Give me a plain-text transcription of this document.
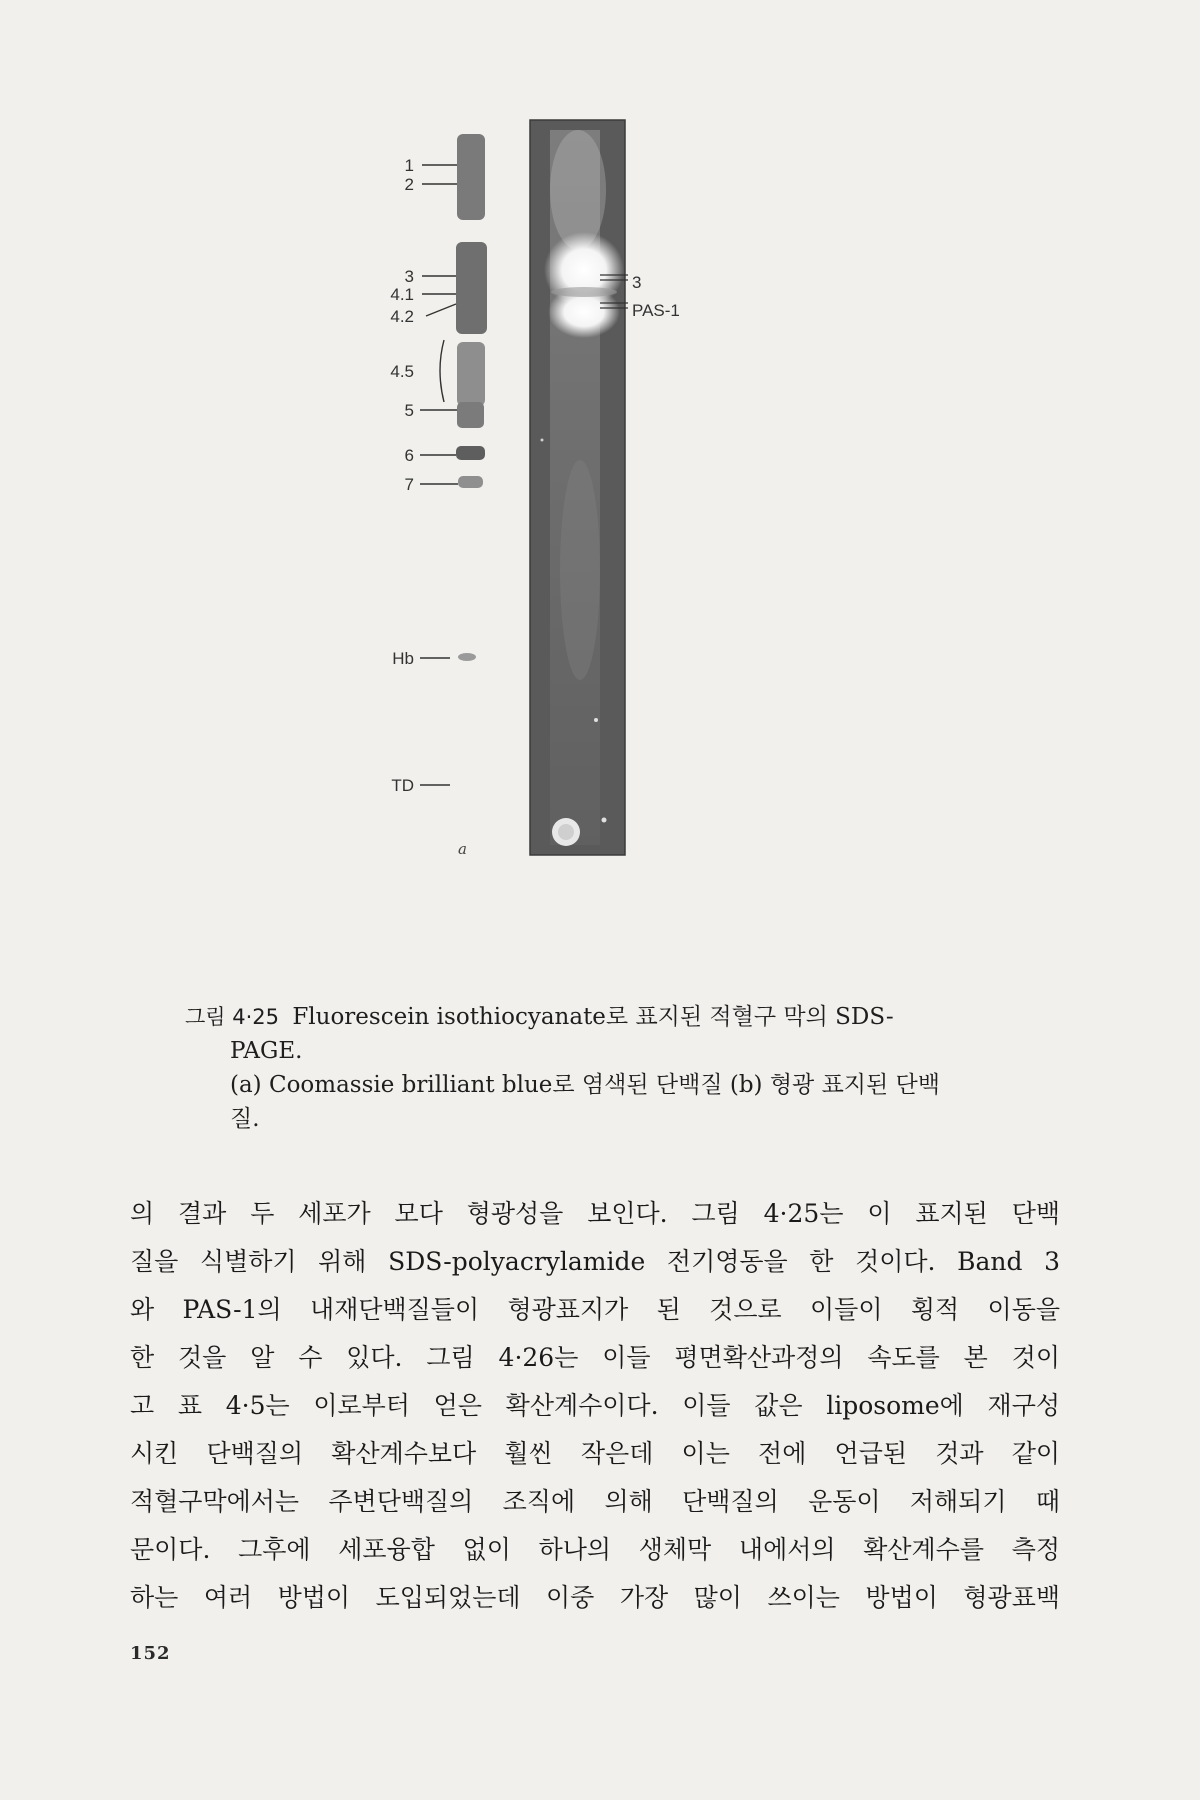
1
2
3
4.1
4.2
4.5
5
6
7
Hb
TD
3
PAS-1
a
그림 4·25 Fluorescein isothiocyanate로 표지된 적혈구 막의 SDS-
PAGE.
(a) Coomassie brilliant blue로 염색된 단백질 (b) 형광 표지된 단백
질.
의 결과 두 세포가 모다 형광성을 보인다. 그림 4·25는 이 표지된 단백
질을 식별하기 위해 SDS-polyacrylamide 전기영동을 한 것이다. Band 3
와 PAS-1의 내재단백질들이 형광표지가 된 것으로 이들이 횡적 이동을
한 것을 알 수 있다. 그림 4·26는 이들 평면확산과정의 속도를 본 것이
고 표 4·5는 이로부터 얻은 확산계수이다. 이들 값은 liposome에 재구성
시킨 단백질의 확산계수보다 훨씬 작은데 이는 전에 언급된 것과 같이
적혈구막에서는 주변단백질의 조직에 의해 단백질의 운동이 저해되기 때
문이다. 그후에 세포융합 없이 하나의 생체막 내에서의 확산계수를 측정
하는 여러 방법이 도입되었는데 이중 가장 많이 쓰이는 방법이 형광표백
152
